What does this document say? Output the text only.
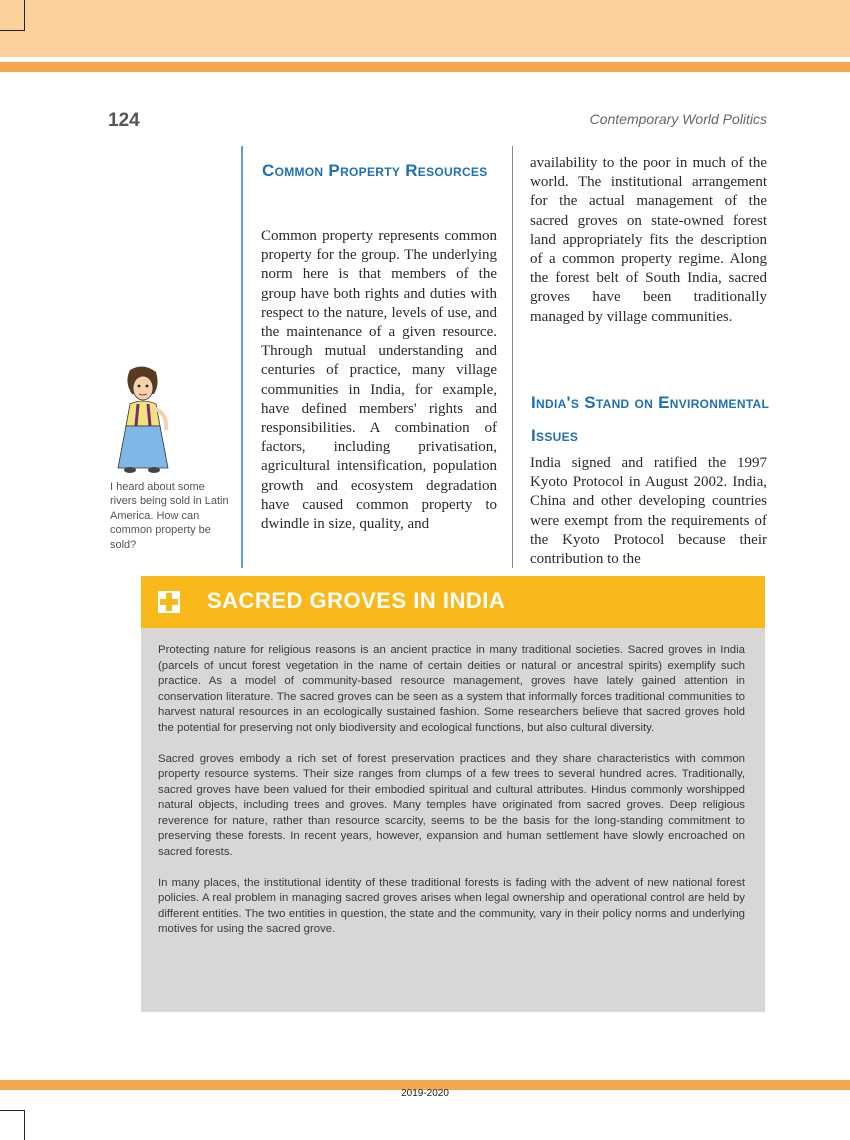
124	Contemporary World Politics
Common Property Resources
Common property represents common property for the group. The underlying norm here is that members of the group have both rights and duties with respect to the nature, levels of use, and the maintenance of a given resource. Through mutual understanding and centuries of practice, many village communities in India, for example, have defined members' rights and responsibilities. A combination of factors, including privatisation, agricultural intensification, population growth and ecosystem degradation have caused common property to dwindle in size, quality, and
availability to the poor in much of the world. The institutional arrangement for the actual management of the sacred groves on state-owned forest land appropriately fits the description of a common property regime. Along the forest belt of South India, sacred groves have been traditionally managed by village communities.
India's Stand on Environmental Issues
India signed and ratified the 1997 Kyoto Protocol in August 2002. India, China and other developing countries were exempt from the requirements of the Kyoto Protocol because their contribution to the
I heard about some rivers being sold in Latin America. How can common property be sold?
SACRED GROVES IN INDIA

Protecting nature for religious reasons is an ancient practice in many traditional societies. Sacred groves in India (parcels of uncut forest vegetation in the name of certain deities or natural or ancestral spirits) exemplify such practice. As a model of community-based resource management, groves have lately gained attention in conservation literature. The sacred groves can be seen as a system that informally forces traditional communities to harvest natural resources in an ecologically sustained fashion. Some researchers believe that sacred groves hold the potential for preserving not only biodiversity and ecological functions, but also cultural diversity.

Sacred groves embody a rich set of forest preservation practices and they share characteristics with common property resource systems. Their size ranges from clumps of a few trees to several hundred acres. Traditionally, sacred groves have been valued for their embodied spiritual and cultural attributes. Hindus commonly worshipped natural objects, including trees and groves. Many temples have originated from sacred groves. Deep religious reverence for nature, rather than resource scarcity, seems to be the basis for the long-standing commitment to preserving these forests. In recent years, however, expansion and human settlement have slowly encroached on sacred forests.

In many places, the institutional identity of these traditional forests is fading with the advent of new national forest policies. A real problem in managing sacred groves arises when legal ownership and operational control are held by different entities. The two entities in question, the state and the community, vary in their policy norms and underlying motives for using the sacred grove.

2019-2020
